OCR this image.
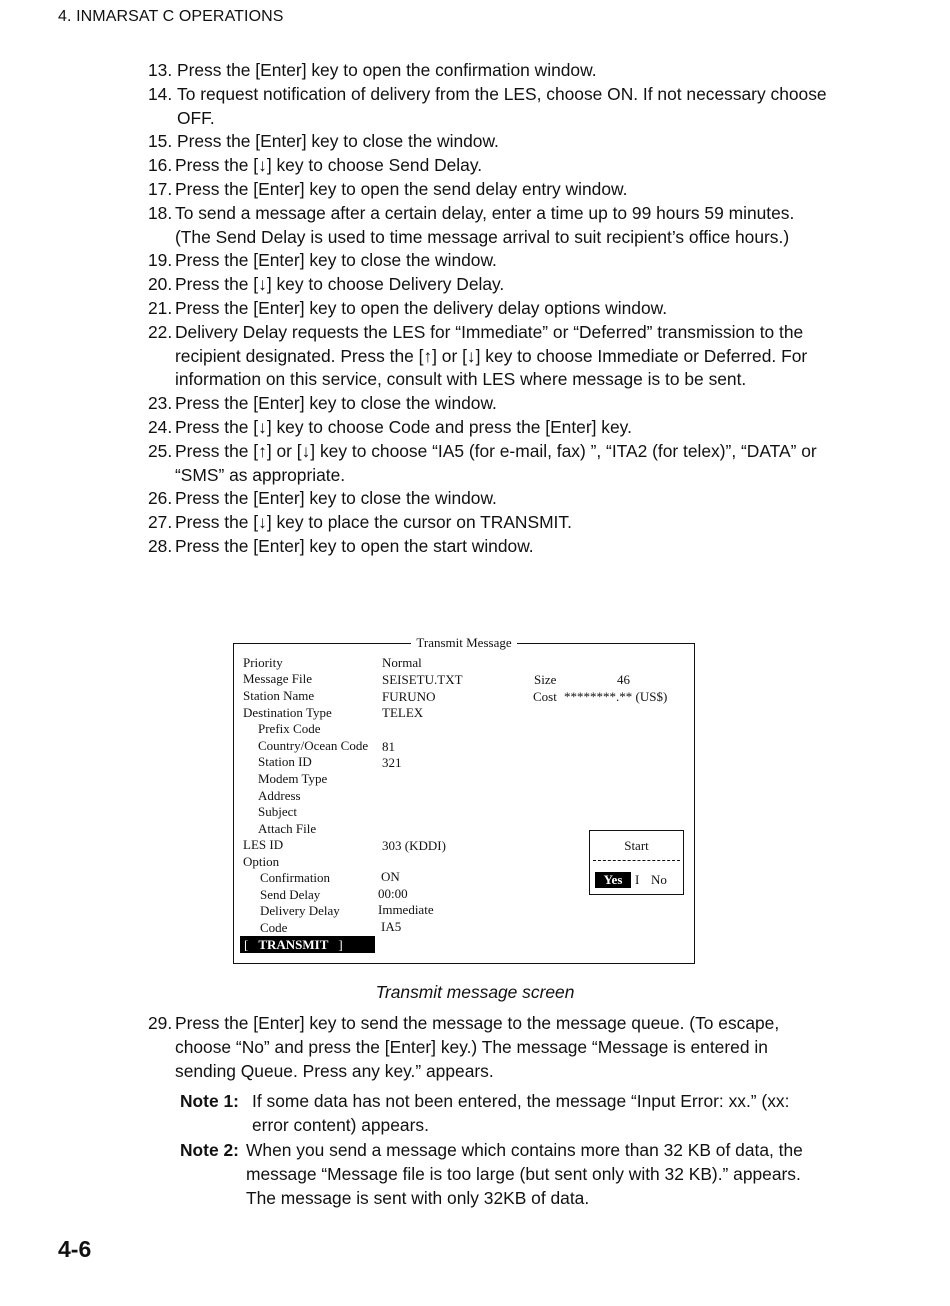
4. INMARSAT C OPERATIONS
13. Press the [Enter] key to open the confirmation window.
14. To request notification of delivery from the LES, choose ON. If not necessary choose OFF.
15. Press the [Enter] key to close the window.
16. Press the [↓] key to choose Send Delay.
17. Press the [Enter] key to open the send delay entry window.
18. To send a message after a certain delay, enter a time up to 99 hours 59 minutes. (The Send Delay is used to time message arrival to suit recipient’s office hours.)
19. Press the [Enter] key to close the window.
20. Press the [↓] key to choose Delivery Delay.
21. Press the [Enter] key to open the delivery delay options window.
22. Delivery Delay requests the LES for “Immediate” or “Deferred” transmission to the recipient designated. Press the [↑] or [↓] key to choose Immediate or Deferred. For information on this service, consult with LES where message is to be sent.
23. Press the [Enter] key to close the window.
24. Press the [↓] key to choose Code and press the [Enter] key.
25. Press the [↑] or [↓] key to choose “IA5 (for e-mail, fax) ”, “ITA2 (for telex)”, “DATA” or “SMS” as appropriate.
26. Press the [Enter] key to close the window.
27. Press the [↓] key to place the cursor on TRANSMIT.
28. Press the [Enter] key to open the start window.
Transmit Message
Priority	Normal
Message File	SEISETU.TXT	Size	46
Station Name	FURUNO	Cost ********.** (US$)
Destination Type	TELEX
Prefix Code
Country/Ocean Code 81
Station ID	321
Modem Type
Address
Subject
Attach File
LES ID	303 (KDDI)
Option
Confirmation	ON
Send Delay	00:00
Delivery Delay	Immediate
Code	IA5
[ TRANSMIT ]
Start
Yes I No
Transmit message screen
29. Press the [Enter] key to send the message to the message queue. (To escape, choose “No” and press the [Enter] key.) The message “Message is entered in sending Queue. Press any key.” appears.
Note 1: If some data has not been entered, the message “Input Error: xx.” (xx: error content) appears.
Note 2: When you send a message which contains more than 32 KB of data, the message “Message file is too large (but sent only with 32 KB).” appears. The message is sent with only 32KB of data.
4-6
